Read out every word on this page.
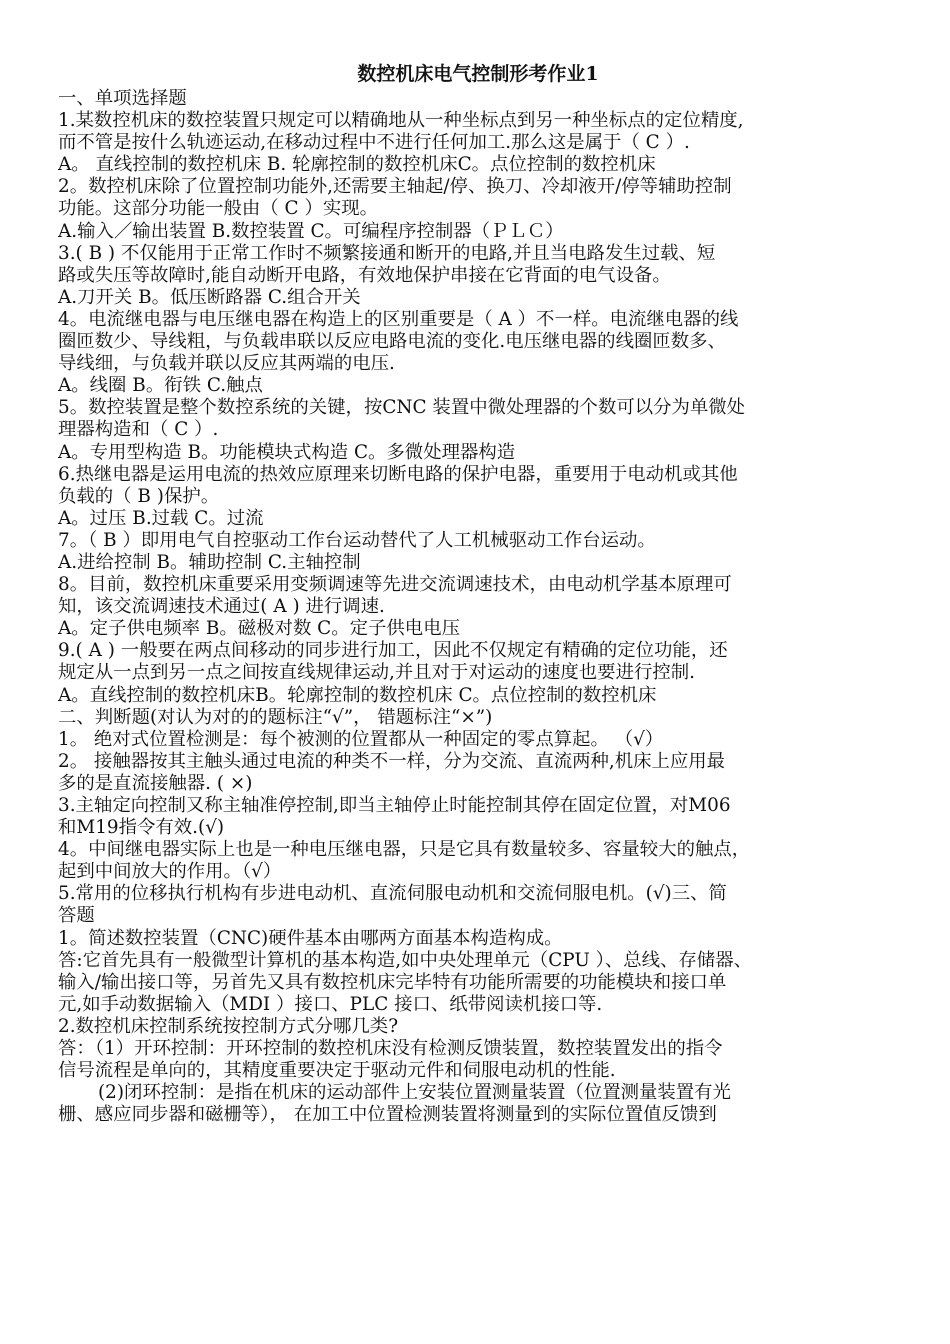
数控机床电气控制形考作业1
一、单项选择题
1.某数控机床的数控装置只规定可以精确地从一种坐标点到另一种坐标点的定位精度,
而不管是按什么轨迹运动,在移动过程中不进行任何加工.那么这是属于（ C ）.
A。 直线控制的数控机床 B. 轮廓控制的数控机床C。点位控制的数控机床
2。数控机床除了位置控制功能外,还需要主轴起/停、换刀、冷却液开/停等辅助控制
功能。这部分功能一般由（ C ）实现。
A.输入／输出装置 B.数控装置 C。可编程序控制器（ＰＬＣ）
3.( B ) 不仅能用于正常工作时不频繁接通和断开的电路,并且当电路发生过载、短
路或失压等故障时,能自动断开电路，有效地保护串接在它背面的电气设备。
A.刀开关 B。低压断路器 C.组合开关
4。电流继电器与电压继电器在构造上的区别重要是（ A ）不一样。电流继电器的线
圈匝数少、导线粗，与负载串联以反应电路电流的变化.电压继电器的线圈匝数多、
导线细，与负载并联以反应其两端的电压.
A。线圈 B。衔铁 C.触点
5。数控装置是整个数控系统的关键，按CNC 装置中微处理器的个数可以分为单微处
理器构造和（ C ）.
A。专用型构造 B。功能模块式构造 C。多微处理器构造
6.热继电器是运用电流的热效应原理来切断电路的保护电器，重要用于电动机或其他
负载的（ B )保护。
A。过压 B.过载 C。过流
7。（ B ）即用电气自控驱动工作台运动替代了人工机械驱动工作台运动。
A.进给控制 B。辅助控制 C.主轴控制
8。目前，数控机床重要采用变频调速等先进交流调速技术，由电动机学基本原理可
知，该交流调速技术通过( A ) 进行调速.
A。定子供电频率 B。磁极对数 C。定子供电电压
9.( A ) 一般要在两点间移动的同步进行加工，因此不仅规定有精确的定位功能，还
规定从一点到另一点之间按直线规律运动,并且对于对运动的速度也要进行控制.
A。直线控制的数控机床B。轮廓控制的数控机床 C。点位控制的数控机床
二、判断题(对认为对的的题标注“√”， 错题标注“×”)
1。 绝对式位置检测是：每个被测的位置都从一种固定的零点算起。 （√）
2。 接触器按其主触头通过电流的种类不一样，分为交流、直流两种,机床上应用最
多的是直流接触器. ( ×)
3.主轴定向控制又称主轴准停控制,即当主轴停止时能控制其停在固定位置，对M06
和M19指令有效.(√)
4。中间继电器实际上也是一种电压继电器，只是它具有数量较多、容量较大的触点，
起到中间放大的作用。（√）
5.常用的位移执行机构有步进电动机、直流伺服电动机和交流伺服电机。(√)三、简
答题
1。简述数控装置（CNC)硬件基本由哪两方面基本构造构成。
答:它首先具有一般微型计算机的基本构造,如中央处理单元（CPU ）、总线、存储器、
输入/输出接口等，另首先又具有数控机床完毕特有功能所需要的功能模块和接口单
元,如手动数据输入（MDI ）接口、PLC 接口、纸带阅读机接口等.
2.数控机床控制系统按控制方式分哪几类?
答：（1）开环控制：开环控制的数控机床没有检测反馈装置，数控装置发出的指令
信号流程是单向的，其精度重要决定于驱动元件和伺服电动机的性能.
(2)闭环控制：是指在机床的运动部件上安装位置测量装置（位置测量装置有光
栅、感应同步器和磁栅等）， 在加工中位置检测装置将测量到的实际位置值反馈到
